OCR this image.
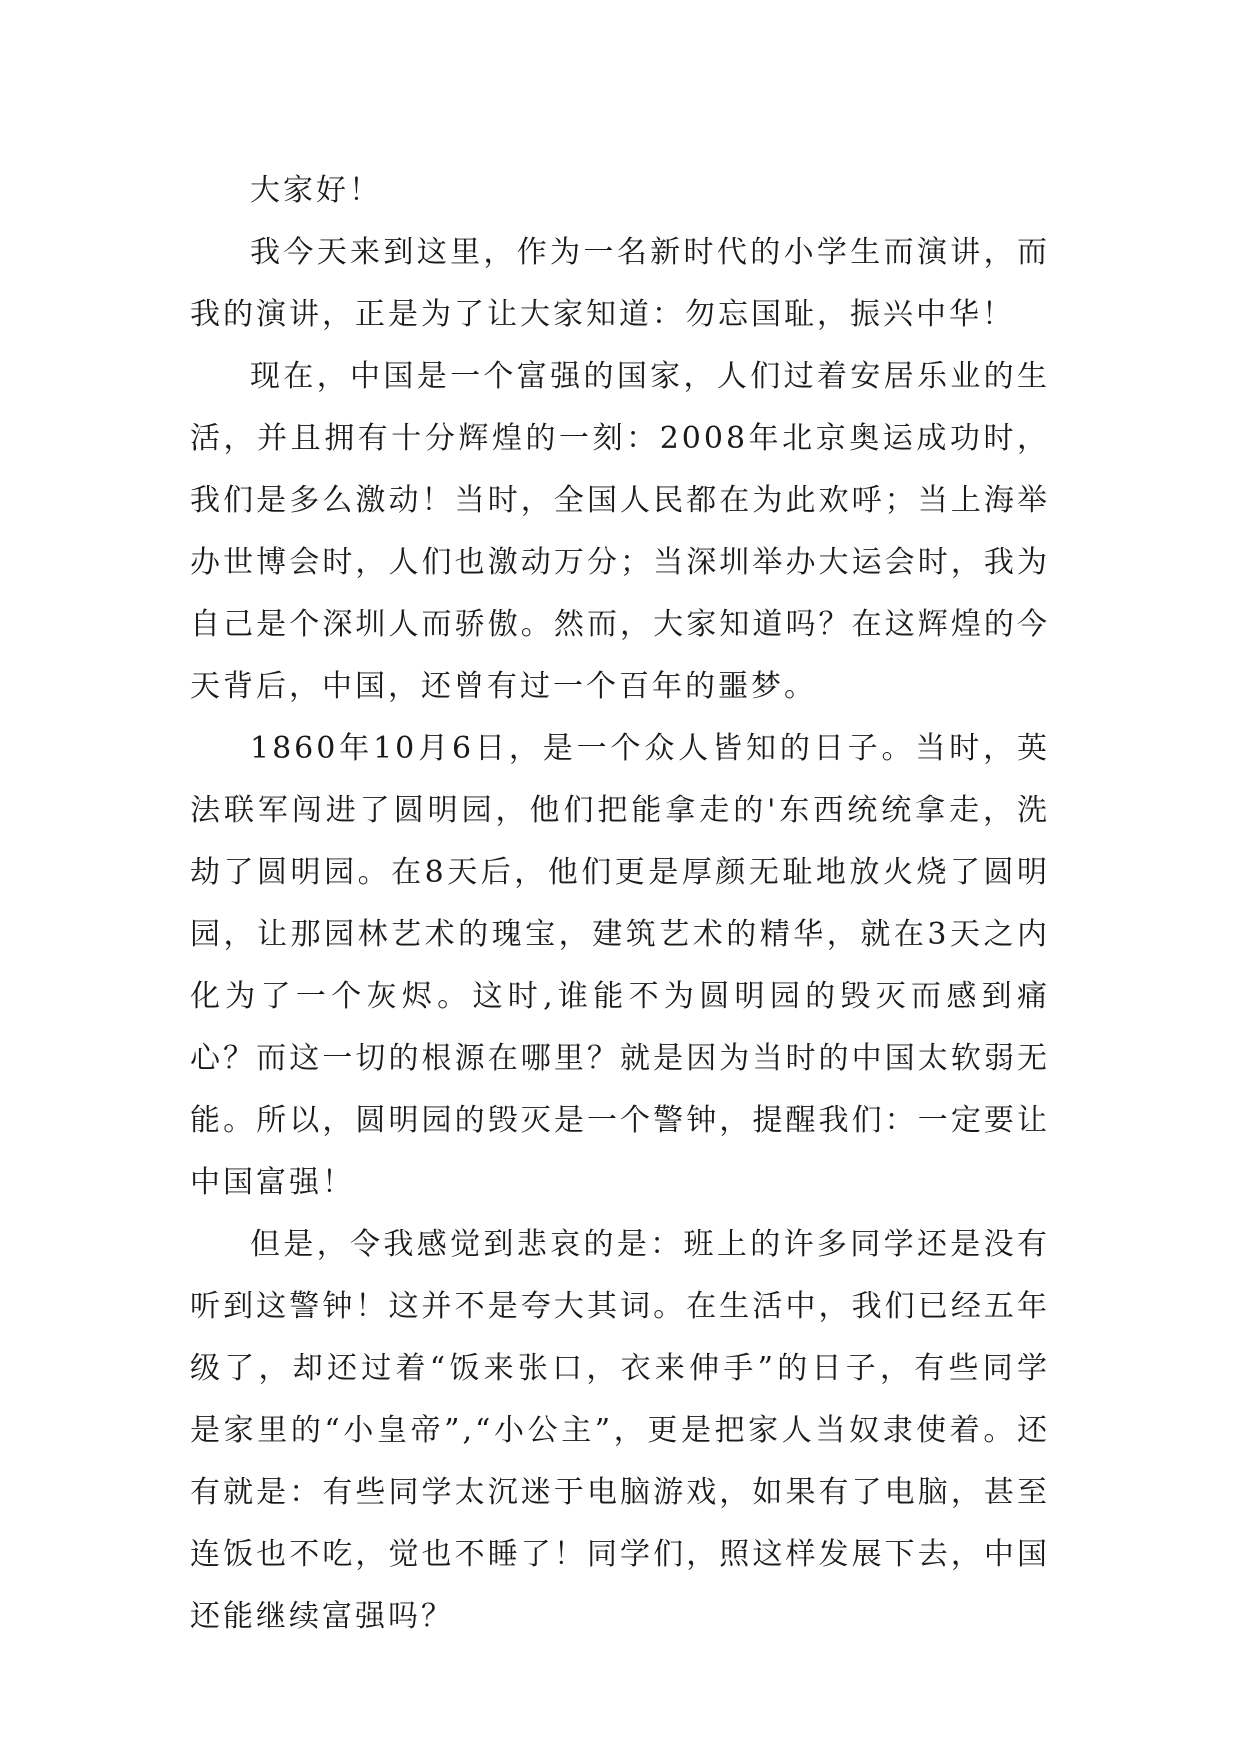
大家好！

我今天来到这里，作为一名新时代的小学生而演讲，而我的演讲，正是为了让大家知道：勿忘国耻，振兴中华！

现在，中国是一个富强的国家，人们过着安居乐业的生活，并且拥有十分辉煌的一刻：2008年北京奥运成功时，我们是多么激动！当时，全国人民都在为此欢呼；当上海举办世博会时，人们也激动万分；当深圳举办大运会时，我为自己是个深圳人而骄傲。然而，大家知道吗？在这辉煌的今天背后，中国，还曾有过一个百年的噩梦。

1860年10月6日，是一个众人皆知的日子。当时，英法联军闯进了圆明园，他们把能拿走的'东西统统拿走，洗劫了圆明园。在8天后，他们更是厚颜无耻地放火烧了圆明园，让那园林艺术的瑰宝，建筑艺术的精华，就在3天之内化为了一个灰烬。这时,谁能不为圆明园的毁灭而感到痛心？而这一切的根源在哪里？就是因为当时的中国太软弱无能。所以，圆明园的毁灭是一个警钟，提醒我们：一定要让中国富强！

但是，令我感觉到悲哀的是：班上的许多同学还是没有听到这警钟！这并不是夸大其词。在生活中，我们已经五年级了，却还过着“饭来张口，衣来伸手”的日子，有些同学是家里的“小皇帝”,“小公主”，更是把家人当奴隶使着。还有就是：有些同学太沉迷于电脑游戏，如果有了电脑，甚至连饭也不吃，觉也不睡了！同学们，照这样发展下去，中国还能继续富强吗？
